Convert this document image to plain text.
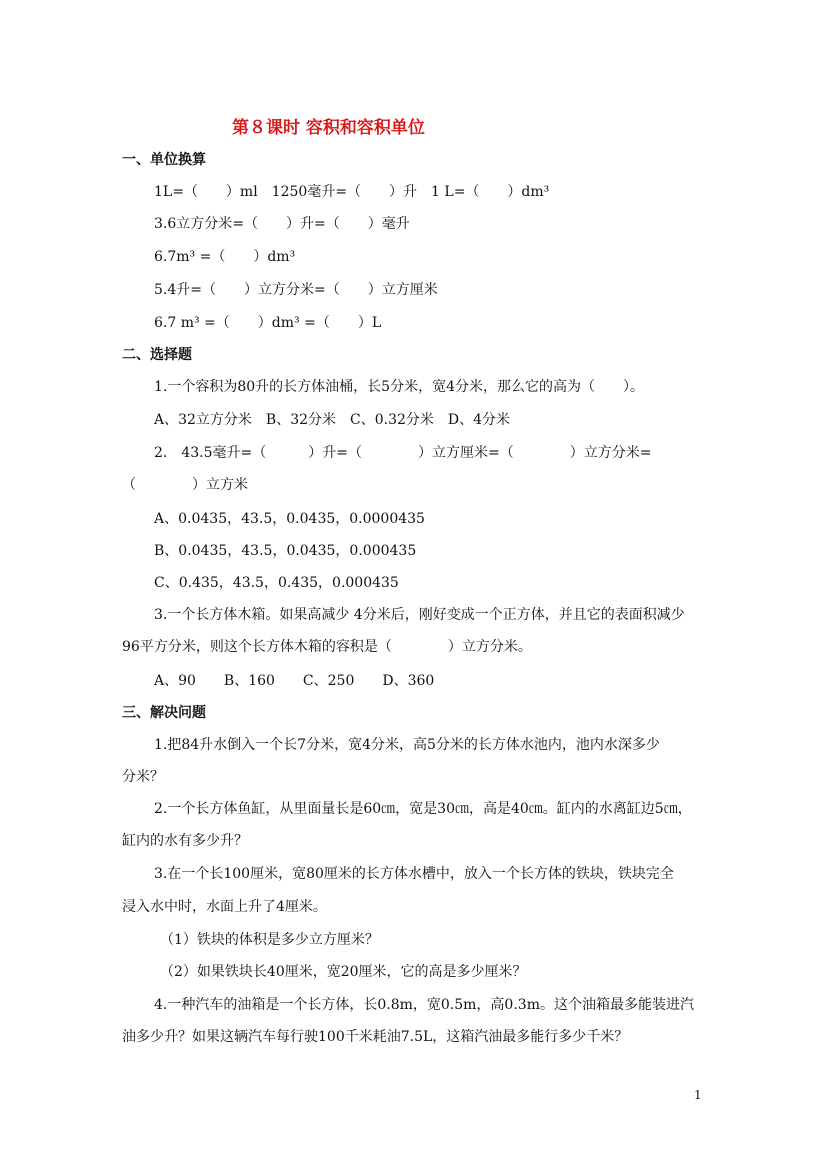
第８课时 容积和容积单位
一、单位换算
1L=（　　）ml　1250毫升=（　　）升　1 L=（　　）dm³
3.6立方分米=（　　）升=（　　）毫升
6.7m³ =（　　）dm³
5.4升=（　　）立方分米=（　　）立方厘米
6.7 m³ =（　　）dm³ =（　　）L
二、选择题
1.一个容积为80升的长方体油桶，长5分米，宽4分米，那么它的高为（　　）。
A、32立方分米　B、32分米　C、0.32分米　D、4分米
2.　43.5毫升=（　　　）升=（　　　　）立方厘米=（　　　　）立方分米=
（　　　　）立方米
A、0.0435，43.5，0.0435，0.0000435
B、0.0435，43.5，0.0435，0.000435
C、0.435，43.5，0.435，0.000435
3.一个长方体木箱。如果高减少 4分米后，刚好变成一个正方体，并且它的表面积减少
96平方分米，则这个长方体木箱的容积是（　　　　）立方分米。
A、90　　B、160　　C、250　　D、360
三、解决问题
1.把84升水倒入一个长7分米，宽4分米，高5分米的长方体水池内，池内水深多少
分米？
2.一个长方体鱼缸，从里面量长是60㎝，宽是30㎝，高是40㎝。缸内的水离缸边5㎝，
缸内的水有多少升？
3.在一个长100厘米，宽80厘米的长方体水槽中，放入一个长方体的铁块，铁块完全
浸入水中时，水面上升了4厘米。
（1）铁块的体积是多少立方厘米？
（2）如果铁块长40厘米，宽20厘米，它的高是多少厘米？
4.一种汽车的油箱是一个长方体，长0.8m，宽0.5m，高0.3m。这个油箱最多能装进汽
油多少升？如果这辆汽车每行驶100千米耗油7.5L，这箱汽油最多能行多少千米？
1
